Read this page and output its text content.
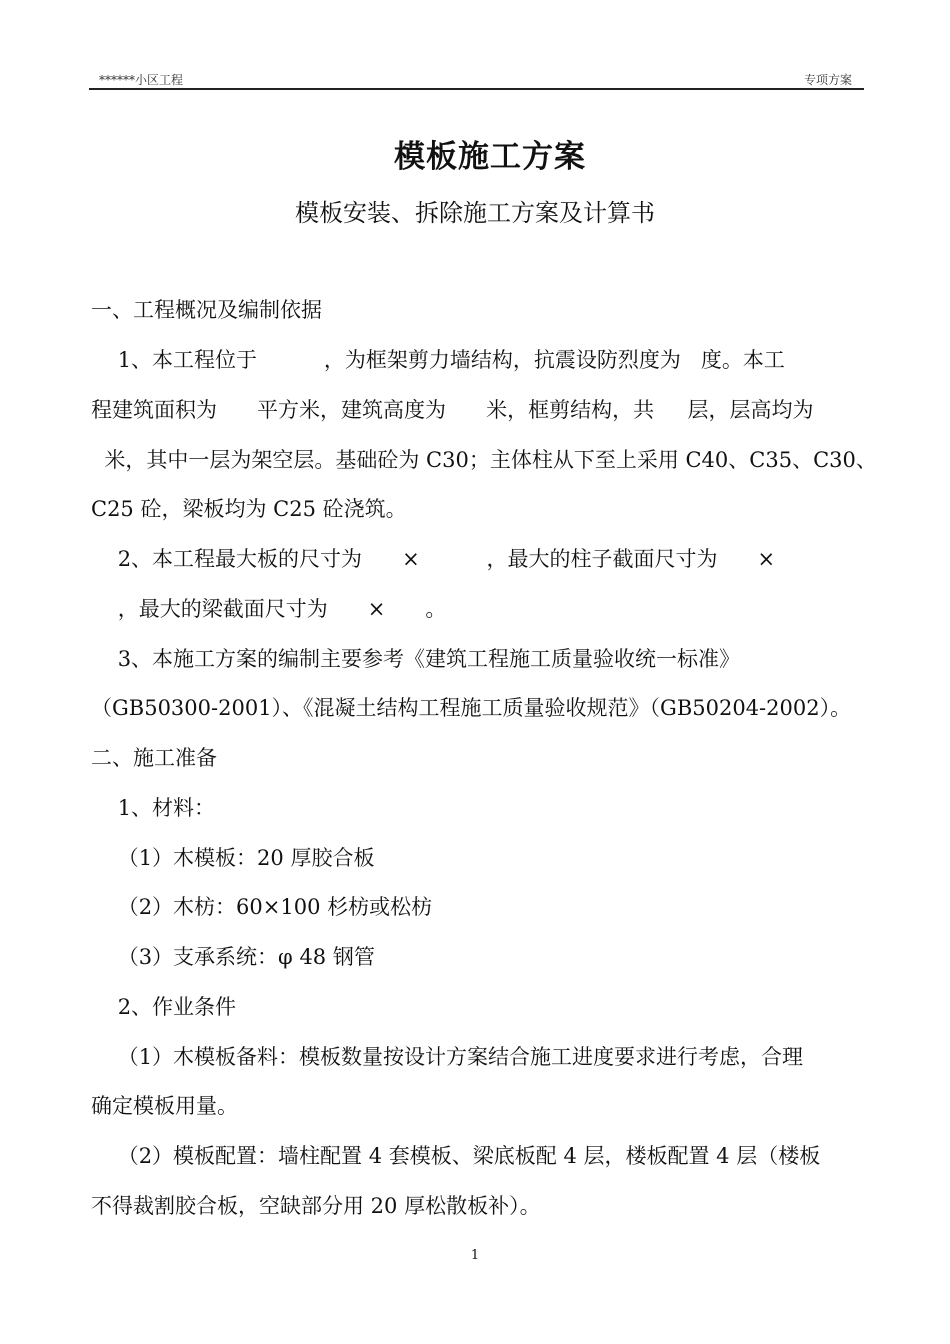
******小区工程	专项方案
模板施工方案
模板安装、拆除施工方案及计算书
一、工程概况及编制依据
1、本工程位于          ，为框架剪力墙结构，抗震设防烈度为   度。本工
程建筑面积为      平方米，建筑高度为      米，框剪结构，共     层，层高均为
米，其中一层为架空层。基础砼为 C30；主体柱从下至上采用 C40、C35、C30、
C25 砼，梁板均为 C25 砼浇筑。
2、本工程最大板的尺寸为      ×          ，最大的柱子截面尺寸为      ×
，最大的梁截面尺寸为      ×      。
3、本施工方案的编制主要参考《建筑工程施工质量验收统一标准》
（GB50300-2001）、《混凝土结构工程施工质量验收规范》（GB50204-2002）。
二、施工准备
1、材料：
（1）木模板：20 厚胶合板
（2）木枋：60×100 杉枋或松枋
（3）支承系统：φ 48 钢管
2、作业条件
（1）木模板备料：模板数量按设计方案结合施工进度要求进行考虑，合理
确定模板用量。
（2）模板配置：墙柱配置 4 套模板、梁底板配 4 层，楼板配置 4 层（楼板
不得裁割胶合板，空缺部分用 20 厚松散板补）。
1
